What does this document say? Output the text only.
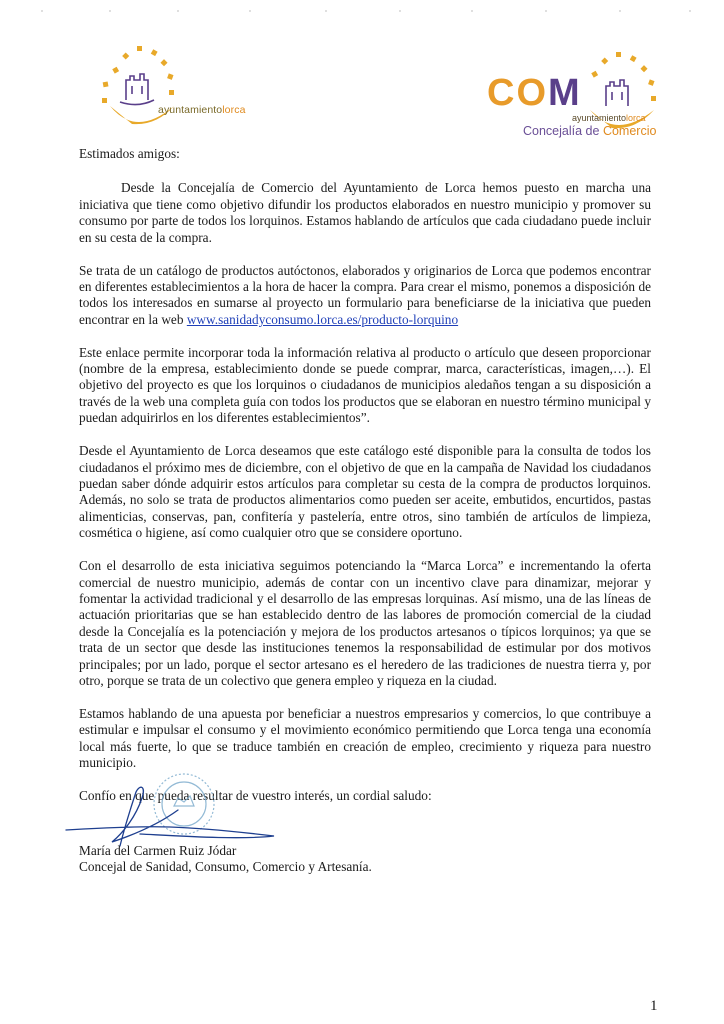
ayuntamientolorca	COM
ayuntamientolorca
Concejalía de Comercio

Estimados amigos:

Desde la Concejalía de Comercio del Ayuntamiento de Lorca hemos puesto en marcha una iniciativa que tiene como objetivo difundir los productos elaborados en nuestro municipio y promover su consumo por parte de todos los lorquinos. Estamos hablando de artículos que cada ciudadano puede incluir en su cesta de la compra.

Se trata de un catálogo de productos autóctonos, elaborados y originarios de Lorca que podemos encontrar en diferentes establecimientos a la hora de hacer la compra. Para crear el mismo, ponemos a disposición de todos los interesados en sumarse al proyecto un formulario para beneficiarse de la iniciativa que pueden encontrar en la web www.sanidadyconsumo.lorca.es/producto-lorquino

Este enlace permite incorporar toda la información relativa al producto o artículo que deseen proporcionar (nombre de la empresa, establecimiento donde se puede comprar, marca, características, imagen,…). El objetivo del proyecto es que los lorquinos o ciudadanos de municipios aledaños tengan a su disposición a través de la web una completa guía con todos los productos que se elaboran en nuestro término municipal y puedan adquirirlos en los diferentes establecimientos”.

Desde el Ayuntamiento de Lorca deseamos que este catálogo esté disponible para la consulta de todos los ciudadanos el próximo mes de diciembre, con el objetivo de que en la campaña de Navidad los ciudadanos puedan saber dónde adquirir estos artículos para completar su cesta de la compra de productos lorquinos. Además, no solo se trata de productos alimentarios como pueden ser aceite, embutidos, encurtidos, pastas alimenticias, conservas, pan, confitería y pastelería, entre otros, sino también de artículos de limpieza, cosmética o higiene, así como cualquier otro que se considere oportuno.

Con el desarrollo de esta iniciativa seguimos potenciando la “Marca Lorca” e incrementando la oferta comercial de nuestro municipio, además de contar con un incentivo clave para dinamizar, mejorar y fomentar la actividad tradicional y el desarrollo de las empresas lorquinas. Así mismo, una de las líneas de actuación prioritarias que se han establecido dentro de las labores de promoción comercial de la ciudad desde la Concejalía es la potenciación y mejora de los productos artesanos o típicos lorquinos; ya que se trata de un sector que desde las instituciones tenemos la responsabilidad de estimular por dos motivos principales; por un lado, porque el sector artesano es el heredero de las tradiciones de nuestra tierra y, por otro, porque se trata de un colectivo que genera empleo y riqueza en la ciudad.

Estamos hablando de una apuesta por beneficiar a nuestros empresarios y comercios, lo que contribuye a estimular e impulsar el consumo y el movimiento económico permitiendo que Lorca tenga una economía local más fuerte, lo que se traduce también en creación de empleo, crecimiento y riqueza para nuestro municipio.

Confío en que pueda resultar de vuestro interés, un cordial saludo:

María del Carmen Ruiz Jódar
Concejal de Sanidad, Consumo, Comercio y Artesanía.
1
